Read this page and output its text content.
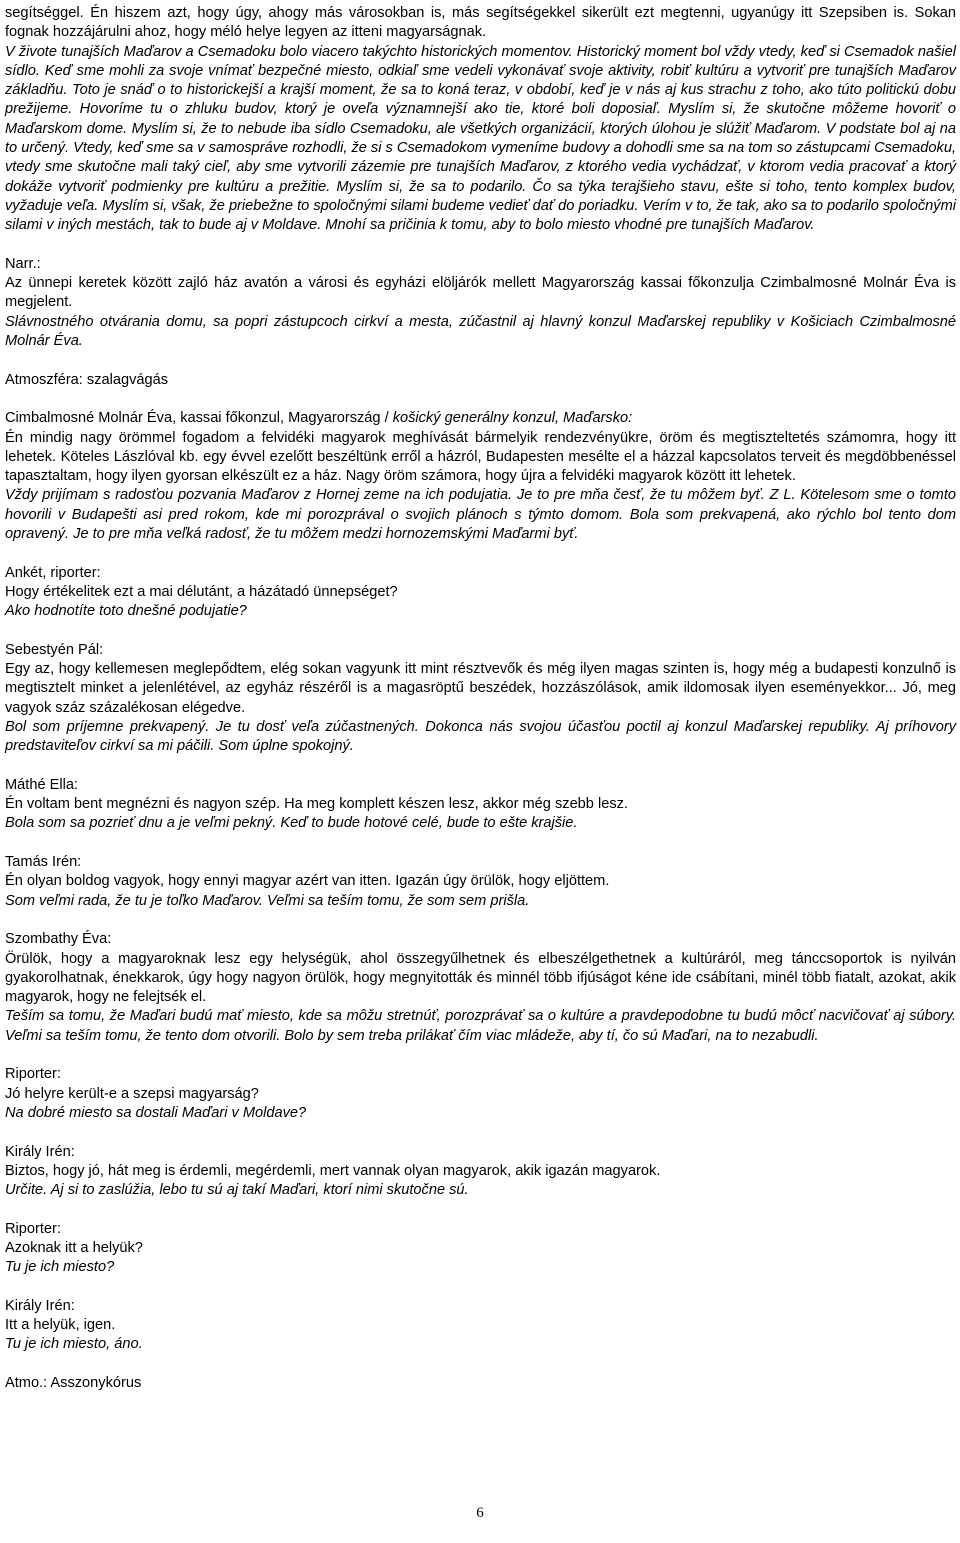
segítséggel. Én hiszem azt, hogy úgy, ahogy más városokban is, más segítségekkel sikerült ezt megtenni, ugyanúgy itt Szepsiben is. Sokan fognak hozzájárulni ahoz, hogy méló helye legyen az itteni magyarságnak.

V živote tunajších Maďarov a Csemadoku bolo viacero takýchto historických momentov. Historický moment bol vždy vtedy, keď si Csemadok našiel sídlo. Keď sme mohli za svoje vnímať bezpečné miesto, odkiaľ sme vedeli vykonávať svoje aktivity, robiť kultúru a vytvoriť pre tunajších Maďarov základňu. Toto je snáď o to historickejší a krajší moment, že sa to koná teraz, v období, keď je v nás aj kus strachu z toho, ako túto politickú dobu prežijeme. Hovoríme tu o zhluku budov, ktorý je oveľa významnejší ako tie, ktoré boli doposiaľ. Myslím si, že skutočne môžeme hovoriť o Maďarskom dome. Myslím si, že to nebude iba sídlo Csemadoku, ale všetkých organizácií, ktorých úlohou je slúžiť Maďarom. V podstate bol aj na to určený. Vtedy, keď sme sa v samospráve rozhodli, že si s Csemadokom vymeníme budovy a dohodli sme sa na tom so zástupcami Csemadoku, vtedy sme skutočne mali taký cieľ, aby sme vytvorili zázemie pre tunajších Maďarov, z ktorého vedia vychádzať, v ktorom vedia pracovať a ktorý dokáže vytvoriť podmienky pre kultúru a prežitie. Myslím si, že sa to podarilo. Čo sa týka terajšieho stavu, ešte si toho, tento komplex budov, vyžaduje veľa. Myslím si, však, že priebežne to spoločnými silami budeme vedieť dať do poriadku. Verím v to, že tak, ako sa to podarilo spoločnými silami v iných mestách, tak to bude aj v Moldave. Mnohí sa pričinia k tomu, aby to bolo miesto vhodné pre tunajších Maďarov.

Narr.:

Az ünnepi keretek között zajló ház avatón a városi és egyházi elöljárók mellett Magyarország kassai főkonzulja Czimbalmosné Molnár Éva is megjelent.

Slávnostného otvárania domu, sa popri zástupcoch cirkví a mesta, zúčastnil aj hlavný konzul Maďarskej republiky v Košiciach Czimbalmosné Molnár Éva.

Atmoszféra: szalagvágás

Cimbalmosné Molnár Éva, kassai főkonzul, Magyarország / košický generálny konzul, Maďarsko:

Én mindig nagy örömmel fogadom a felvidéki magyarok meghívását bármelyik rendezvényükre, öröm és megtiszteltetés számomra, hogy itt lehetek. Köteles Lászlóval kb. egy évvel ezelőtt beszéltünk erről a házról, Budapesten mesélte el a házzal kapcsolatos terveit és megdöbbenéssel tapasztaltam, hogy ilyen gyorsan elkészült ez a ház. Nagy öröm számora, hogy újra a felvidéki magyarok között itt lehetek.

Vždy prijímam s radosťou pozvania Maďarov z Hornej zeme na ich podujatia. Je to pre mňa česť, že tu môžem byť. Z L. Kötelesom sme o tomto hovorili v Budapešti asi pred rokom, kde mi porozprával o svojich plánoch s týmto domom. Bola som prekvapená, ako rýchlo bol tento dom opravený. Je to pre mňa veľká radosť, že tu môžem medzi hornozemskými Maďarmi byť.

Ankét, riporter:

Hogy értékelitek ezt a mai délutánt, a házátadó ünnepséget?

Ako hodnotíte toto dnešné podujatie?

Sebestyén Pál:

Egy az, hogy kellemesen meglepődtem, elég sokan vagyunk itt mint résztvevők és még ilyen magas szinten is, hogy még a budapesti konzulnő is megtisztelt minket a jelenlétével, az egyház részéről is a magasröptű beszédek, hozzászólások, amik ildomosak ilyen eseményekkor... Jó, meg vagyok száz százalékosan elégedve.

Bol som príjemne prekvapený. Je tu dosť veľa zúčastnených. Dokonca nás svojou účasťou poctil aj konzul Maďarskej republiky. Aj príhovory predstaviteľov cirkví sa mi páčili. Som úplne spokojný.

Máthé Ella:

Én voltam bent megnézni és nagyon szép. Ha meg komplett készen lesz, akkor még szebb lesz.

Bola som sa pozrieť dnu a je veľmi pekný. Keď to bude hotové celé, bude to ešte krajšie.

Tamás Irén:

Én olyan boldog vagyok, hogy ennyi magyar azért van itten. Igazán úgy örülök, hogy eljöttem.

Som veľmi rada, že tu je toľko Maďarov. Veľmi sa teším tomu, že som sem prišla.

Szombathy Éva:

Örülök, hogy a magyaroknak lesz egy helységük, ahol összegyűlhetnek és elbeszélgethetnek a kultúráról, meg tánccsoportok is nyilván gyakorolhatnak, énekkarok, úgy hogy nagyon örülök, hogy megnyitották és minnél több ifjúságot kéne ide csábítani, minél több fiatalt, azokat, akik magyarok, hogy ne felejtsék el.

Teším sa tomu, že Maďari budú mať miesto, kde sa môžu stretnúť, porozprávať sa o kultúre a pravdepodobne tu budú môcť nacvičovať aj súbory. Veľmi sa teším tomu, že tento dom otvorili. Bolo by sem treba prilákať čím viac mládeže, aby tí, čo sú Maďari, na to nezabudli.

Riporter:

Jó helyre került-e a szepsi magyarság?

Na dobré miesto sa dostali Maďari v Moldave?

Király Irén:

Biztos, hogy jó, hát meg is érdemli, megérdemli, mert vannak olyan magyarok, akik igazán magyarok.

Určite. Aj si to zaslúžia, lebo tu sú aj takí Maďari, ktorí nimi skutočne sú.

Riporter:

Azoknak itt a helyük?

Tu je ich miesto?

Király Irén:

Itt a helyük, igen.

Tu je ich miesto, áno.

Atmo.: Asszonykórus

6
